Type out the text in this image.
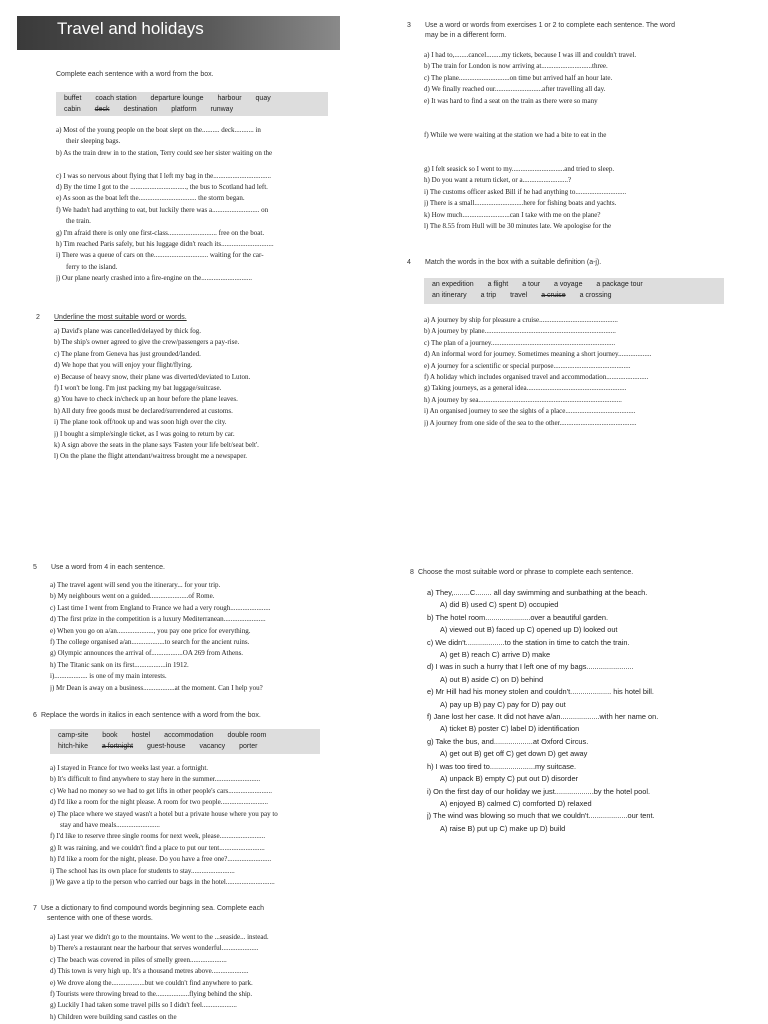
Travel and holidays
Complete each sentence with a word from the box.
buffet coach station departure lounge harbour quay
cabin deck destination platform runway
a) Most of the young people on the boat slept on the.......... deck........... in
their sleeping bags.
b) As the train drew in to the station, Terry could see her sister waiting on the

c) I was so nervous about flying that I left my bag in the.................................
d) By the time I got to the ................................, the bus to Scotland had left.
e) As soon as the boat left the................................. the storm began.
f) We hadn't had anything to eat, but luckily there was a........................... on
the train.
g) I'm afraid there is only one first-class............................ free on the boat.
h) Tim reached Paris safely, but his luggage didn't reach its..............................
i) There was a queue of cars on the............................... waiting for the car-
ferry to the island.
j) Our plane nearly crashed into a fire-engine on the.............................
2 Underline the most suitable word or words.
a) David's plane was cancelled/delayed by thick fog.
b) The ship's owner agreed to give the crew/passengers a pay-rise.
c) The plane from Geneva has just grounded/landed.
d) We hope that you will enjoy your flight/flying.
e) Because of heavy snow, their plane was diverted/deviated to Luton.
f) I won't be long. I'm just packing my bat luggage/suitcase.
g) You have to check in/check up an hour before the plane leaves.
h) All duty free goods must be declared/surrendered at customs.
i) The plane took off/took up and was soon high over the city.
j) I bought a simple/single ticket, as I was going to return by car.
k) A sign above the seats in the plane says 'Fasten your life belt/seat belt'.
l) On the plane the flight attendant/waitress brought me a newspaper.
3 Use a word or words from exercises 1 or 2 to complete each sentence. The word
may be in a different form.
a) I had to,........cancel.........my tickets, because I was ill and couldn't travel.
b) The train for London is now arriving at.............................three.
c) The plane.............................on time but arrived half an hour late.
d) We finally reached our...........................after travelling all day.
e) It was hard to find a seat on the train as there were so many

f) While we were waiting at the station we had a bite to eat in the

g) I felt seasick so I went to my..............................and tried to sleep.
h) Do you want a return ticket, or a..........................?
i) The customs officer asked Bill if he had anything to.............................
j) There is a small............................here for fishing boats and yachts.
k) How much...........................can I take with me on the plane?
l) The 8.55 from Hull will be 30 minutes late. We apologise for the
4 Match the words in the box with a suitable definition (a-j).
an expedition a flight a tour a voyage a package tour
an itinerary a trip travel a cruise a crossing
a) A journey by ship for pleasure a cruise.............................................
b) A journey by plane...........................................................................
c) The plan of a journey.......................................................................
d) An informal word for journey. Sometimes meaning a short journey...................
e) A journey for a scientific or special purpose............................................
f) A holiday which includes organised travel and accommodation........................
g) Taking journeys, as a general idea.........................................................
h) A journey by sea..................................................................................
i) An organised journey to see the sights of a place........................................
j) A journey from one side of the sea to the other............................................
5 Use a word from 4 in each sentence.
a) The travel agent will send you the itinerary... for your trip.
b) My neighbours went on a guided......................of Rome.
c) Last time I went from England to France we had a very rough.......................
d) The first prize in the competition is a luxury Mediterranean........................
e) When you go on a/an....................., you pay one price for everything.
f) The college organised a/an...................to search for the ancient ruins.
g) Olympic announces the arrival of..................OA 269 from Athens.
h) The Titanic sank on its first..................in 1912.
i)................... is one of my main interests.
j) Mr Dean is away on a business..................at the moment. Can I help you?
6 Replace the words in italics in each sentence with a word from the box.
camp-site book hostel accommodation double room
hitch-hike a fortnight guest-house vacancy porter
a) I stayed in France for two weeks last year. a fortnight.
b) It's difficult to find anywhere to stay here in the summer..........................
c) We had no money so we had to get lifts in other people's cars.........................
d) I'd like a room for the night please. A room for two people...........................
e) The place where we stayed wasn't a hotel but a private house where you pay to
stay and have meals.........................
f) I'd like to reserve three single rooms for next week, please..........................
g) It was raining, and we couldn't find a place to put our tent..........................
h) I'd like a room for the night, please. Do you have a free one?.........................
i) The school has its own place for students to stay.........................
j) We gave a tip to the person who carried our bags in the hotel............................
7 Use a dictionary to find compound words beginning sea. Complete each
sentence with one of these words.
a) Last year we didn't go to the mountains. We went to the ...seaside... instead.
b) There's a restaurant near the harbour that serves wonderful.....................
c) The beach was covered in piles of smelly green.....................
d) This town is very high up. It's a thousand metres above.....................
e) We drove along the...................but we couldn't find anywhere to park.
f) Tourists were throwing bread to the...................flying behind the ship.
g) Luckily I had taken some travel pills so I didn't feel....................
h) Children were building sand castles on the
8 Choose the most suitable word or phrase to complete each sentence.
a) They,........C........ all day swimming and sunbathing at the beach.
A) did B) used C) spent D) occupied
b) The hotel room......................over a beautiful garden.
A) viewed out B) faced up C) opened up D) looked out
c) We didn't...................to the station in time to catch the train.
A) get B) reach C) arrive D) make
d) I was in such a hurry that I left one of my bags.......................
A) out B) aside C) on D) behind
e) Mr Hill had his money stolen and couldn't.................... his hotel bill.
A) pay up B) pay C) pay for D) pay out
f) Jane lost her case. It did not have a/an...................with her name on.
A) ticket B) poster C) label D) identification
g) Take the bus, and...................at Oxford Circus.
A) get out B) get off C) get down D) get away
h) I was too tired to......................my suitcase.
A) unpack B) empty C) put out D) disorder
i) On the first day of our holiday we just...................by the hotel pool.
A) enjoyed B) calmed C) comforted D) relaxed
j) The wind was blowing so much that we couldn't...................our tent.
A) raise B) put up C) make up D) build
